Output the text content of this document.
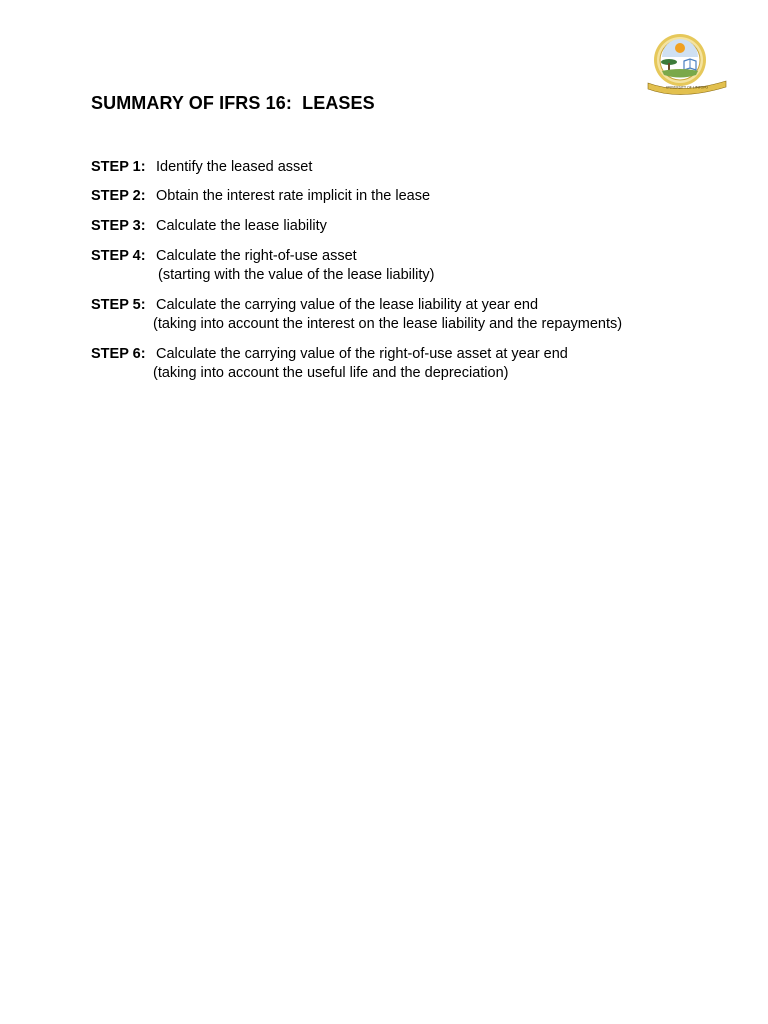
UNIVERSITY OF LIMPOPO
SUMMARY OF IFRS 16:  LEASES
STEP 1: Identify the leased asset
STEP 2: Obtain the interest rate implicit in the lease
STEP 3: Calculate the lease liability
STEP 4: Calculate the right-of-use asset
(starting with the value of the lease liability)
STEP 5: Calculate the carrying value of the lease liability at year end
(taking into account the interest on the lease liability and the repayments)
STEP 6: Calculate the carrying value of the right-of-use asset at year end
(taking into account the useful life and the depreciation)
